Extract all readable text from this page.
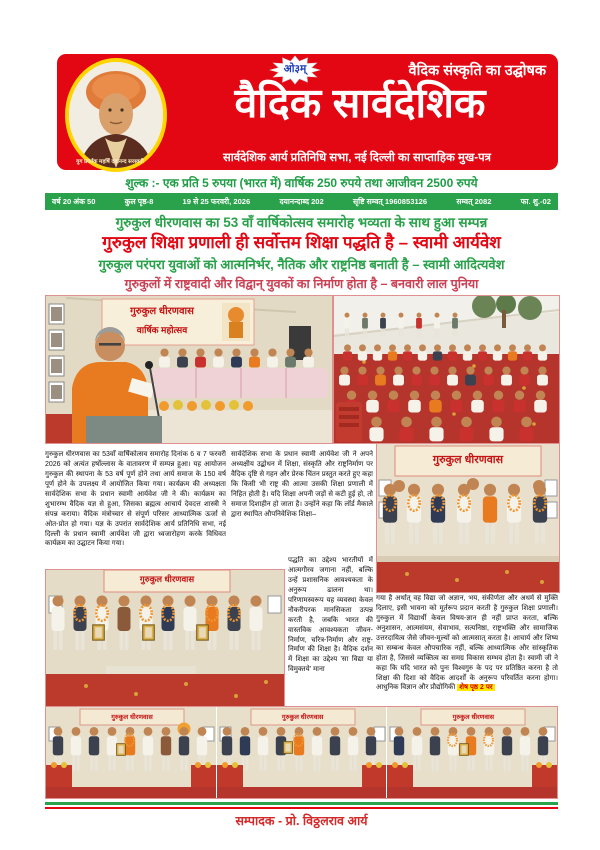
ओ३म्	वैदिक संस्कृति का उद्घोषक
वैदिक सार्वदेशिक
सार्वदेशिक आर्य प्रतिनिधि सभा, नई दिल्ली का साप्ताहिक मुख-पत्र
युग प्रवर्तक महर्षि दयानन्द सरस्वती
शुल्क :- एक प्रति 5 रुपया (भारत में) वार्षिक 250 रुपये तथा आजीवन 2500 रुपये
वर्ष 20 अंक 50	कुल पृष्ठ-8	19 से 25 फरवरी, 2026	दयानन्दाब्द 202	सृष्टि सम्वत् 1960853126	सम्वत् 2082	फा. शु.-02
गुरुकुल धीरणवास का 53 वाँ वार्षिकोत्सव समारोह भव्यता के साथ हुआ सम्पन्न
गुरुकुल शिक्षा प्रणाली ही सर्वोत्तम शिक्षा पद्धति है – स्वामी आर्यवेश
गुरुकुल परंपरा युवाओं को आत्मनिर्भर, नैतिक और राष्ट्रनिष्ठ बनाती है – स्वामी आदित्यवेश
गुरुकुलों में राष्ट्रवादी और विद्वान् युवकों का निर्माण होता है – बनवारी लाल पुनिया
गुरुकुल धीरणवास
वार्षिक महोत्सव
गुरुकुल धीरणवास का 53वाँ वार्षिकोत्सव समारोह दिनांक 6 व 7 फरवरी 2026 को अत्यंत हर्षोल्लास के वातावरण में सम्पन्न हुआ। यह आयोजन गुरुकुल की स्थापना के 53 वर्ष पूर्ण होने तथा आर्य समाज के 150 वर्ष पूर्ण होने के उपलक्ष्य में आयोजित किया गया। कार्यक्रम की अध्यक्षता सार्वदेशिक सभा के प्रधान स्वामी आर्यवेश जी ने की। कार्यक्रम का शुभारम्भ वैदिक यज्ञ से हुआ, जिसका ब्रह्मत्व आचार्य देवदत्त शास्त्री ने संपन्न कराया। वैदिक मंत्रोच्चार से संपूर्ण परिसर आध्यात्मिक ऊर्जा से ओत-प्रोत हो गया। यज्ञ के उपरांत सार्वदेशिक आर्य प्रतिनिधि सभा, नई दिल्ली के प्रधान स्वामी आर्यवेश जी द्वारा ध्वजारोहण करके विधिवत कार्यक्रम का उद्घाटन किया गया।
सार्वदेशिक सभा के प्रधान स्वामी आर्यवेश जी ने अपने अध्यक्षीय उद्बोधन में शिक्षा, संस्कृति और राष्ट्रनिर्माण पर वैदिक दृष्टि से गहन और प्रेरक चिंतन प्रस्तुत करते हुए कहा कि किसी भी राष्ट्र की आत्मा उसकी शिक्षा प्रणाली में निहित होती है। यदि शिक्षा अपनी जड़ों से कटी हुई हो, तो समाज दिशाहीन हो जाता है। उन्होंने कहा कि लॉर्ड मैकाले द्वारा स्थापित औपनिवेशिक शिक्षा–
पद्धति का उद्देश्य भारतीयों में आत्मगौरव जगाना नहीं, बल्कि उन्हें प्रशासनिक आवश्यकता के अनुरूप ढालना था। परिणामस्वरूप यह व्यवस्था केवल नौकरीपरक मानसिकता उत्पन्न करती है, जबकि भारत की वास्तविक आवश्यकता जीवन-निर्माण, चरित्र-निर्माण और राष्ट्र-निर्माण की शिक्षा है। वैदिक दर्शन में शिक्षा का उद्देश्य 'सा विद्या या विमुक्तये' माना
गुरुकुल धीरणवास
गया है अर्थात् वह विद्या जो अज्ञान, भय, संकीर्णता और अधर्म से मुक्ति दिलाए, इसी भावना को मूर्तरूप प्रदान करती है गुरुकुल शिक्षा प्रणाली। गुरुकुल में विद्यार्थी केवल विषय-ज्ञान ही नहीं प्राप्त करता, बल्कि अनुशासन, आत्मसंयम, सेवाभाव, सत्यनिष्ठा, राष्ट्रभक्ति और सामाजिक उत्तरदायित्व जैसे जीवन-मूल्यों को आत्मसात् करता है। आचार्य और शिष्य का सम्बन्ध केवल औपचारिक नहीं, बल्कि आध्यात्मिक और सांस्कृतिक होता है, जिससे व्यक्तित्व का समग्र विकास सम्भव होता है। स्वामी जी ने कहा कि यदि भारत को पुनः विश्वगुरु के पद पर प्रतिष्ठित करना है तो शिक्षा की दिशा को वैदिक आदर्शों के अनुरूप परिवर्तित करना होगा। आधुनिक विज्ञान और प्रौद्योगिकी शेष पृष्ठ 2 पर
गुरुकुल धीरणवास
गुरुकुल धीरणवास	गुरुकुल धीरणवास	गुरुकुल धीरणवास
सम्पादक - प्रो. विठ्ठलराव आर्य
